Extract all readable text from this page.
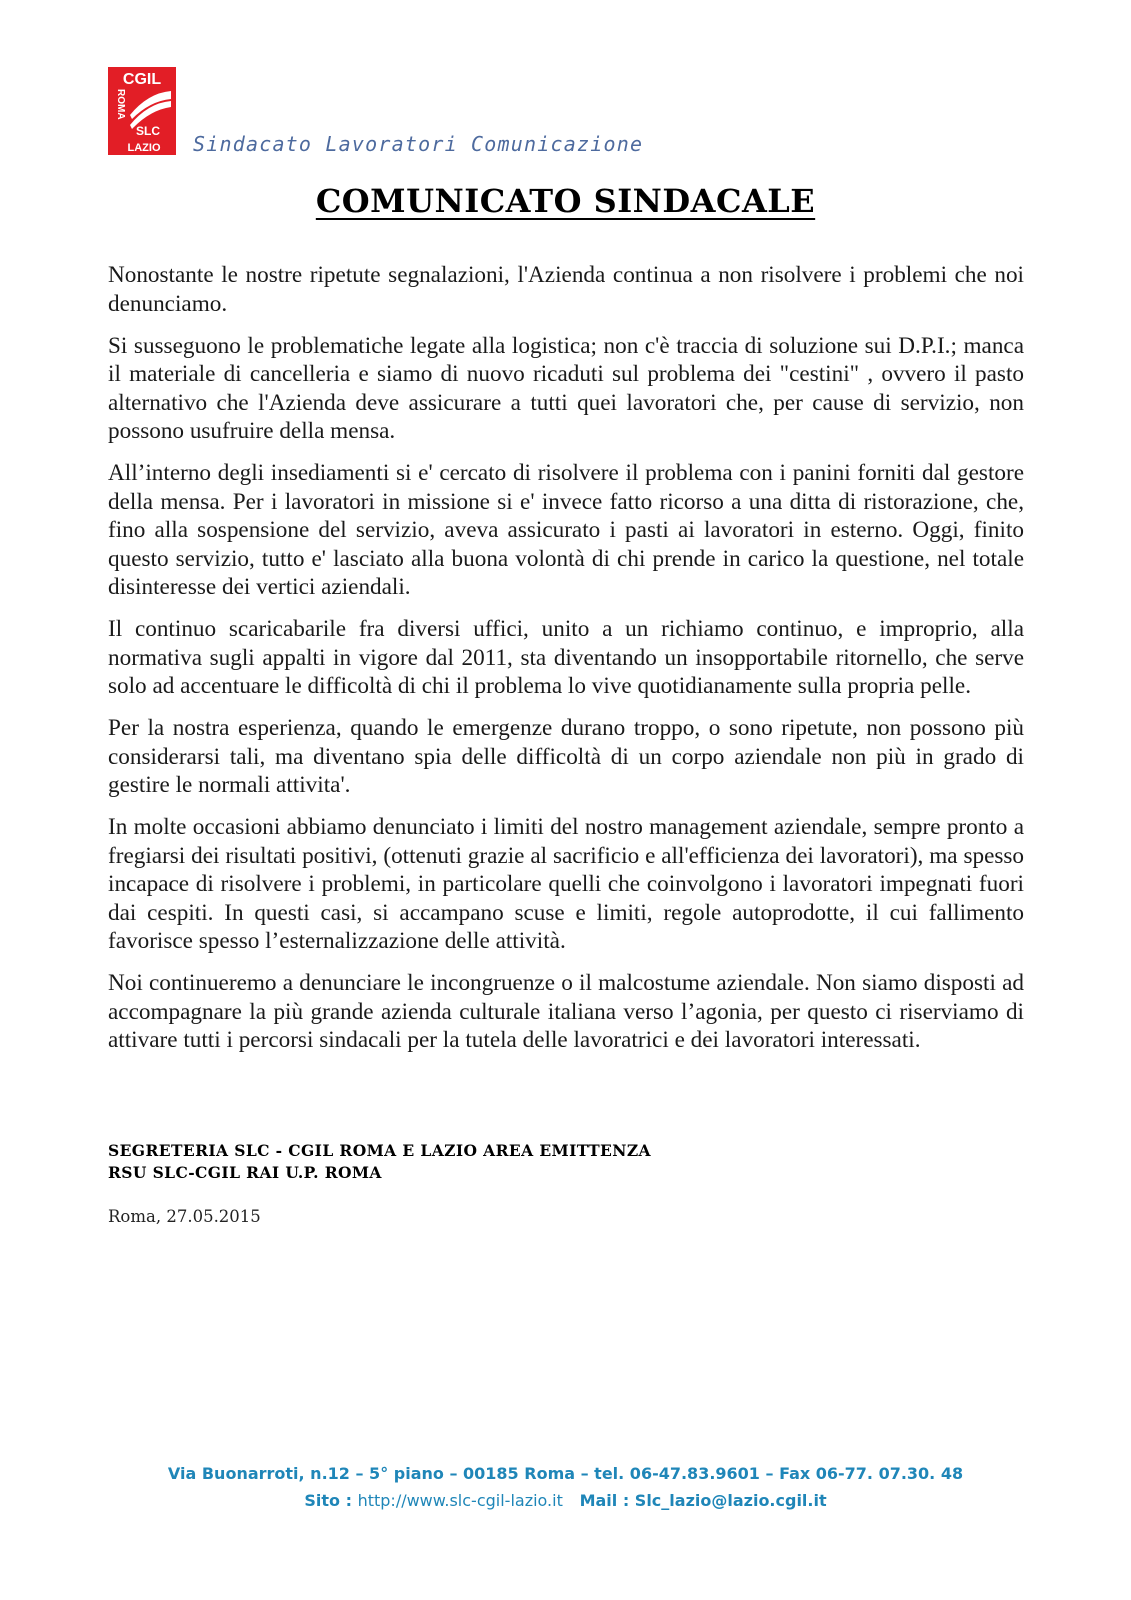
CGIL
ROMA
SLC
LAZIO Sindacato Lavoratori Comunicazione
COMUNICATO SINDACALE

Nonostante le nostre ripetute segnalazioni, l'Azienda continua a non risolvere i problemi che noi denunciamo.

Si susseguono le problematiche legate alla logistica; non c'è traccia di soluzione sui D.P.I.; manca il materiale di cancelleria e siamo di nuovo ricaduti sul problema dei "cestini" , ovvero il pasto alternativo che l'Azienda deve assicurare a tutti quei lavoratori che, per cause di servizio, non possono usufruire della mensa.

All’interno degli insediamenti si e' cercato di risolvere il problema con i panini forniti dal gestore della mensa. Per i lavoratori in missione si e' invece fatto ricorso a una ditta di ristorazione, che, fino alla sospensione del servizio, aveva assicurato i pasti ai lavoratori in esterno. Oggi, finito questo servizio, tutto e' lasciato alla buona volontà di chi prende in carico la questione, nel totale disinteresse dei vertici aziendali.

Il continuo scaricabarile fra diversi uffici, unito a un richiamo continuo, e improprio, alla normativa sugli appalti in vigore dal 2011, sta diventando un insopportabile ritornello, che serve solo ad accentuare le difficoltà di chi il problema lo vive quotidianamente sulla propria pelle.

Per la nostra esperienza, quando le emergenze durano troppo, o sono ripetute, non possono più considerarsi tali, ma diventano spia delle difficoltà di un corpo aziendale non più in grado di gestire le normali attivita'.

In molte occasioni abbiamo denunciato i limiti del nostro management aziendale, sempre pronto a fregiarsi dei risultati positivi, (ottenuti grazie al sacrificio e all'efficienza dei lavoratori), ma spesso incapace di risolvere i problemi, in particolare quelli che coinvolgono i lavoratori impegnati fuori dai cespiti. In questi casi, si accampano scuse e limiti, regole autoprodotte, il cui fallimento favorisce spesso l’esternalizzazione delle attività.

Noi continueremo a denunciare le incongruenze o il malcostume aziendale. Non siamo disposti ad accompagnare la più grande azienda culturale italiana verso l’agonia, per questo ci riserviamo di attivare tutti i percorsi sindacali per la tutela delle lavoratrici e dei lavoratori interessati.

SEGRETERIA SLC - CGIL ROMA E LAZIO AREA EMITTENZA
RSU SLC-CGIL RAI U.P. ROMA
Roma, 27.05.2015
Via Buonarroti, n.12 – 5° piano – 00185 Roma – tel. 06-47.83.9601 – Fax 06-77. 07.30. 48
Sito : http://www.slc-cgil-lazio.it Mail : Slc_lazio@lazio.cgil.it
